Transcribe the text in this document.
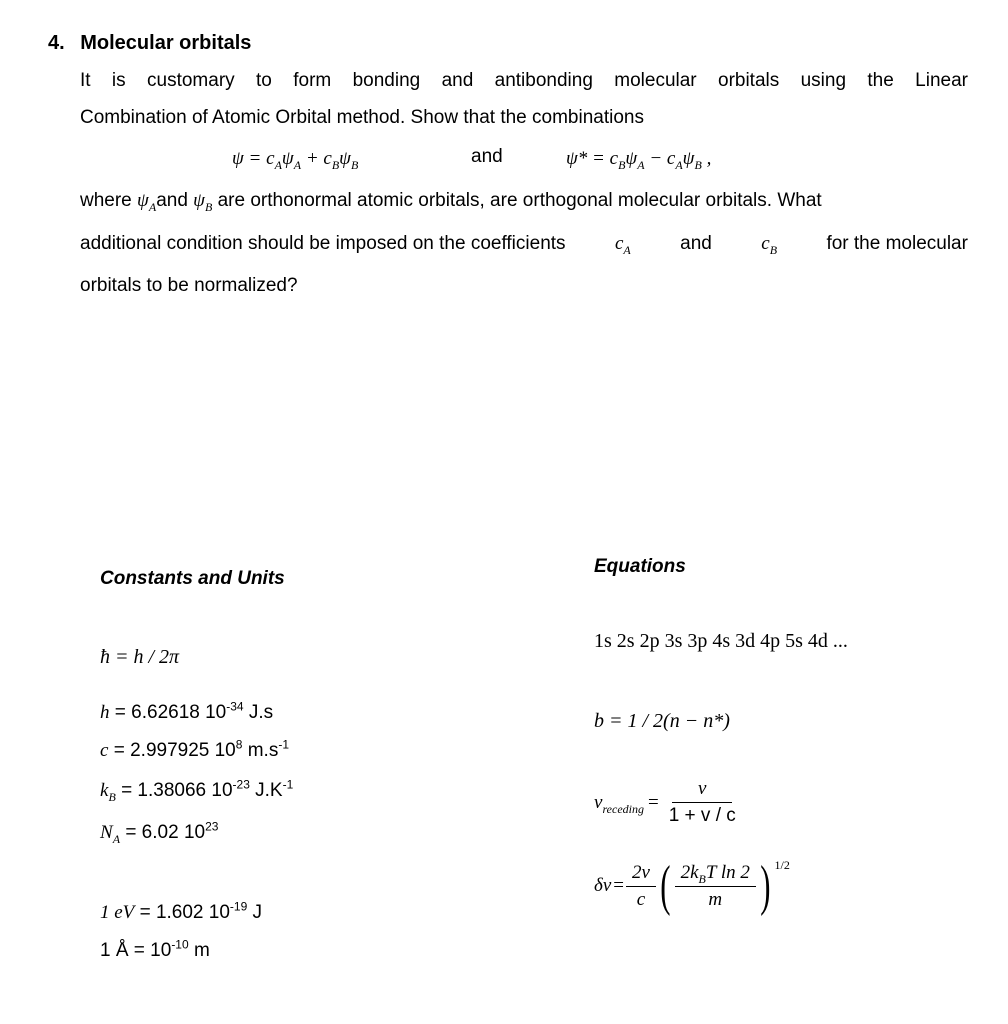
4. Molecular orbitals
It is customary to form bonding and antibonding molecular orbitals using the Linear
Combination of Atomic Orbital method. Show that the combinations
$\psi = c_A\psi_A + c_B\psi_B$	and	$\psi* = c_B\psi_A - c_A\psi_B$ ,
where $\psi_Aand$ $\psi_B$ are orthonormal atomic orbitals, are orthogonal molecular orbitals. What
additional condition should be imposed on the coefficients	$c_A$	and	$c_B$	for the molecular
orbitals to be normalized?
Constants and Units
ħ = h / 2π
h = 6.62618 $10^{-34}$ J.s
c = 2.997925 $10^8$ $m.s^{-1}$
$k_B = 1.38066$ $10^{-23}$ $J.K^{-1}$
$N_A = 6.02$ $10^{23}$
1 eV = 1.602 $10^{-19}$ J
1 Å = $10^{-10}$ m
Equations
1s 2s 2p 3s 3p 4s 3d 4p 5s 4d ...
b = 1 / 2(n − n*)
$v_{receding} = \frac{v}{1 + v / c}$
$\delta v = \frac{2v}{c}$ ( $\frac{2k_BT \ln 2}{m}$ ) $^{1/2}$
